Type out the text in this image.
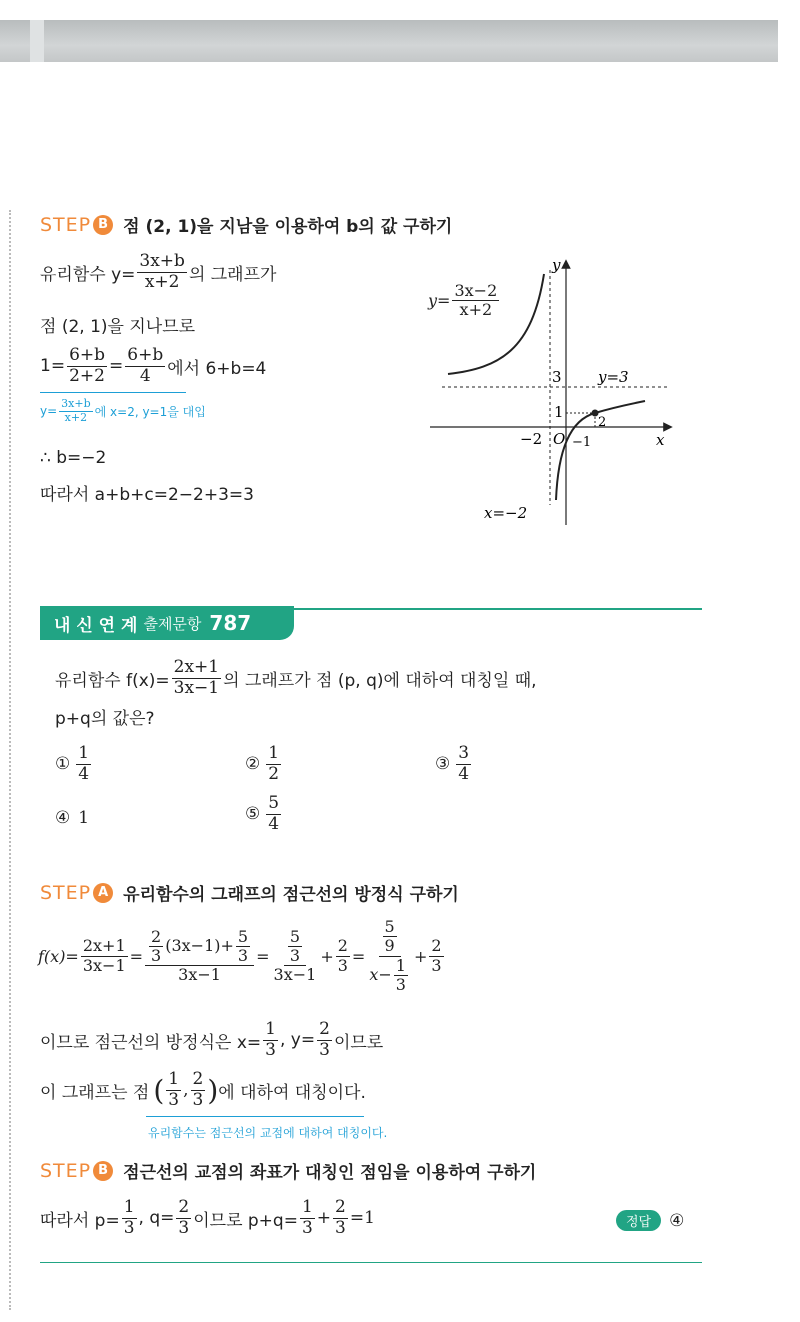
STEP B 점 (2, 1)을 지남을 이용하여 b의 값 구하기
유리함수 $y= \frac{3x+b}{x+2}$ 의 그래프가
점 (2, 1)을 지나므로
$1= \frac{6+b}{2+2} = \frac{6+b}{4}$ 에서 6+b=4
$y= \frac{3x+b}{x+2}$ 에 x=2, y=1을 대입
∴ b=−2
따라서 a+b+c=2−2+3=3
y
x
3 y=3
1
2
−2 O −1
x=−2
$y= \frac{3x-2}{x+2}$
내 신 연 계 출제문항 787
유리함수 $f(x)= \frac{2x+1}{3x-1}$ 의 그래프가 점 (p, q)에 대하여 대칭일 때,
p+q의 값은?
① $\frac{1}{4}$	② $\frac{1}{2}$	③ $\frac{3}{4}$
④ 1	⑤ $\frac{5}{4}$
STEP A 유리함수의 그래프의 점근선의 방정식 구하기
$f(x)= \frac{2x+1}{3x-1} = \frac{\frac{2}{3} (3x-1)+ \frac{5}{3}}{3x-1} = \frac{\frac{5}{3}}{3x-1} + \frac{2}{3} = \frac{\frac{5}{9}}{x- \frac{1}{3}} + \frac{2}{3}$
이므로 점근선의 방정식은 $x= \frac{1}{3}$ , $y= \frac{2}{3}$ 이므로
이 그래프는 점 ( $\frac{1}{3}$ , $\frac{2}{3}$ ) 에 대하여 대칭이다.
유리함수는 점근선의 교점에 대하여 대칭이다.
STEP B 점근선의 교점의 좌표가 대칭인 점임을 이용하여 구하기
따라서 $p= \frac{1}{3}$ , $q= \frac{2}{3}$ 이므로 $p+q= \frac{1}{3} + \frac{2}{3} =1$	정답	④
